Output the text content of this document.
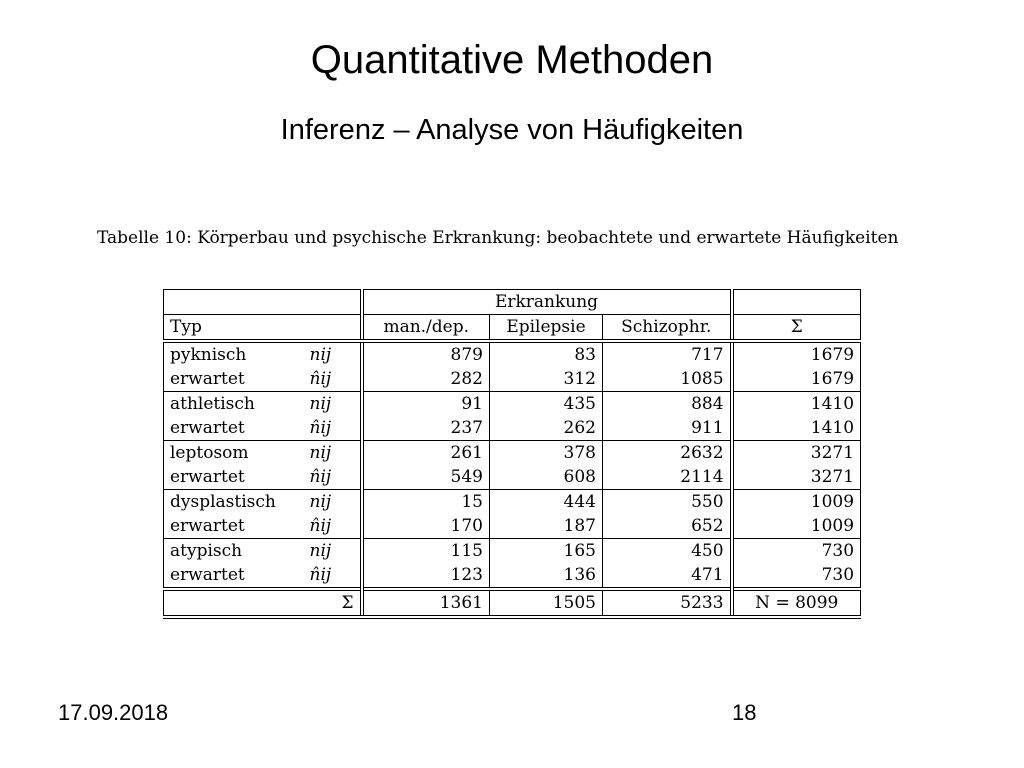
Quantitative Methoden
Inferenz – Analyse von Häufigkeiten
Tabelle 10: Körperbau und psychische Erkrankung: beobachtete und erwartete Häufigkeiten
		Erkrankung			
Typ		man./dep.	Epilepsie	Schizophr.	Σ
pyknisch	nij	879	83	717	1679
erwartet	n̂ij	282	312	1085	1679
athletisch	nij	91	435	884	1410
erwartet	n̂ij	237	262	911	1410
leptosom	nij	261	378	2632	3271
erwartet	n̂ij	549	608	2114	3271
dysplastisch	nij	15	444	550	1009
erwartet	n̂ij	170	187	652	1009
atypisch	nij	115	165	450	730
erwartet	n̂ij	123	136	471	730
Σ		1361	1505	5233	N = 8099
17.09.2018	18
